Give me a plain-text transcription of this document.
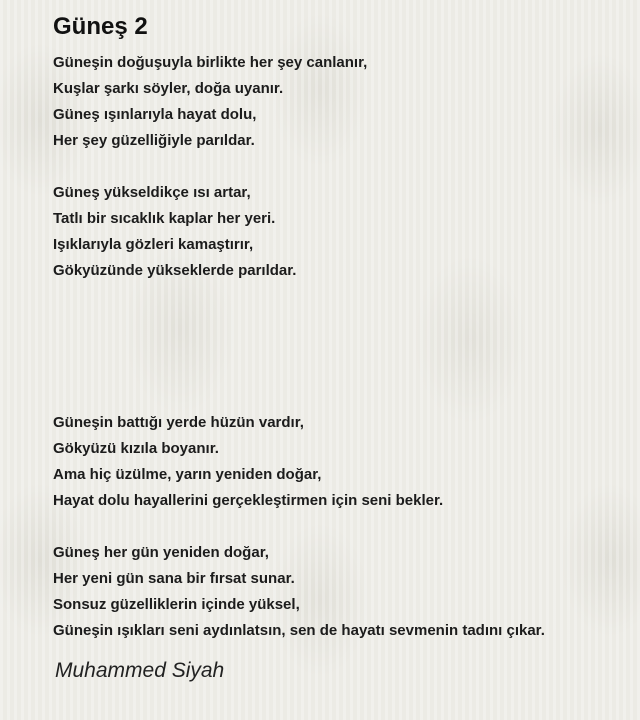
Güneş 2

Güneşin doğuşuyla birlikte her şey canlanır,
Kuşlar şarkı söyler, doğa uyanır.
Güneş ışınlarıyla hayat dolu,
Her şey güzelliğiyle parıldar.

Güneş yükseldikçe ısı artar,
Tatlı bir sıcaklık kaplar her yeri.
Işıklarıyla gözleri kamaştırır,
Gökyüzünde yükseklerde parıldar.

Güneşin battığı yerde hüzün vardır,
Gökyüzü kızıla boyanır.
Ama hiç üzülme, yarın yeniden doğar,
Hayat dolu hayallerini gerçekleştirmen için seni bekler.

Güneş her gün yeniden doğar,
Her yeni gün sana bir fırsat sunar.
Sonsuz güzelliklerin içinde yüksel,
Güneşin ışıkları seni aydınlatsın, sen de hayatı sevmenin tadını çıkar.

Muhammed Siyah
